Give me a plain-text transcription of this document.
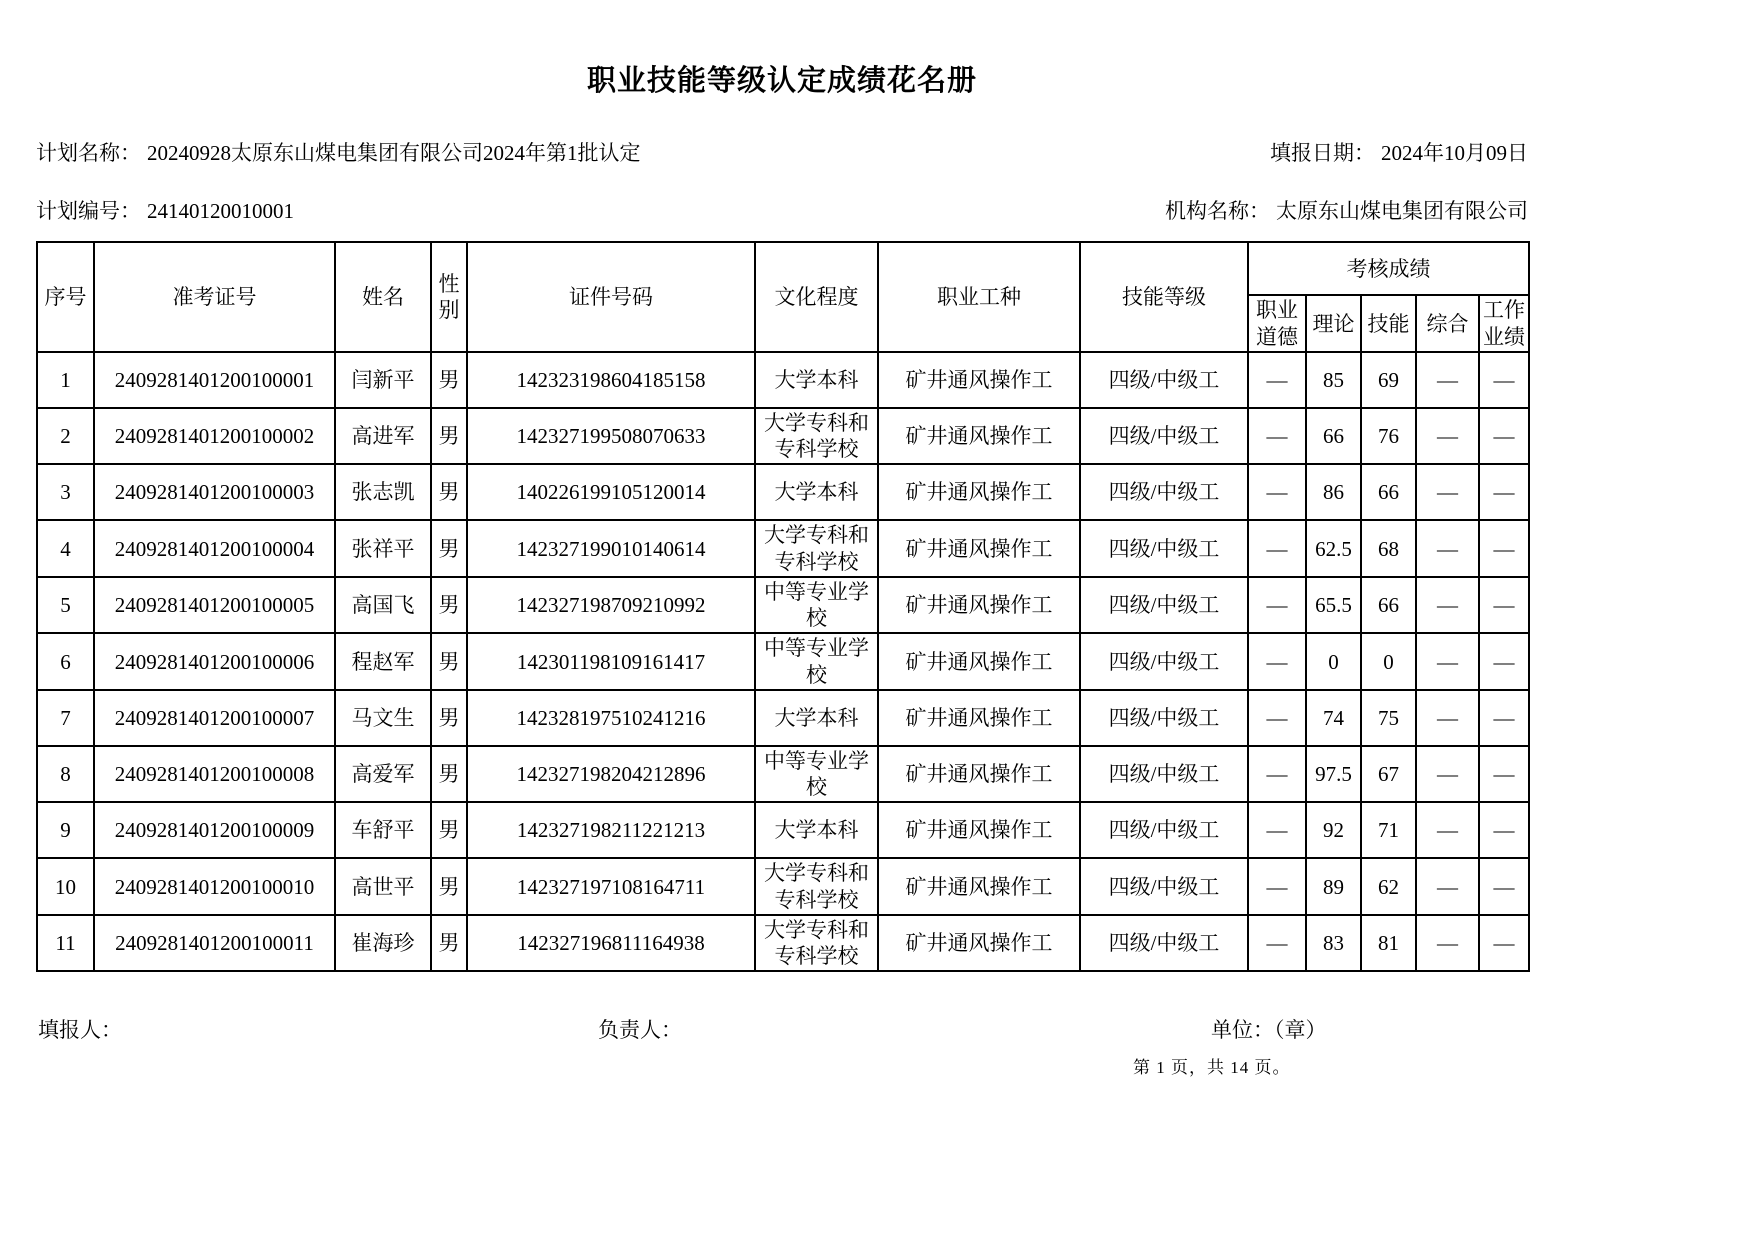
职业技能等级认定成绩花名册
计划名称： 20240928太原东山煤电集团有限公司2024年第1批认定	填报日期： 2024年10月09日
计划编号： 24140120010001	机构名称： 太原东山煤电集团有限公司
序号	准考证号	姓名	性别	证件号码	文化程度	职业工种	技能等级	考核成绩				
								职业道德	理论	技能	综合	工作业绩
1	2409281401200100001	闫新平	男	142323198604185158	大学本科	矿井通风操作工	四级/中级工	—	85	69	—	—
2	2409281401200100002	高进军	男	142327199508070633	大学专科和专科学校	矿井通风操作工	四级/中级工	—	66	76	—	—
3	2409281401200100003	张志凯	男	140226199105120014	大学本科	矿井通风操作工	四级/中级工	—	86	66	—	—
4	2409281401200100004	张祥平	男	142327199010140614	大学专科和专科学校	矿井通风操作工	四级/中级工	—	62.5	68	—	—
5	2409281401200100005	高国飞	男	142327198709210992	中等专业学校	矿井通风操作工	四级/中级工	—	65.5	66	—	—
6	2409281401200100006	程赵军	男	142301198109161417	中等专业学校	矿井通风操作工	四级/中级工	—	0	0	—	—
7	2409281401200100007	马文生	男	142328197510241216	大学本科	矿井通风操作工	四级/中级工	—	74	75	—	—
8	2409281401200100008	高爱军	男	142327198204212896	中等专业学校	矿井通风操作工	四级/中级工	—	97.5	67	—	—
9	2409281401200100009	车舒平	男	142327198211221213	大学本科	矿井通风操作工	四级/中级工	—	92	71	—	—
10	2409281401200100010	高世平	男	142327197108164711	大学专科和专科学校	矿井通风操作工	四级/中级工	—	89	62	—	—
11	2409281401200100011	崔海珍	男	142327196811164938	大学专科和专科学校	矿井通风操作工	四级/中级工	—	83	81	—	—
填报人：	负责人：	单位：（章）
第 1 页，共 14 页。
